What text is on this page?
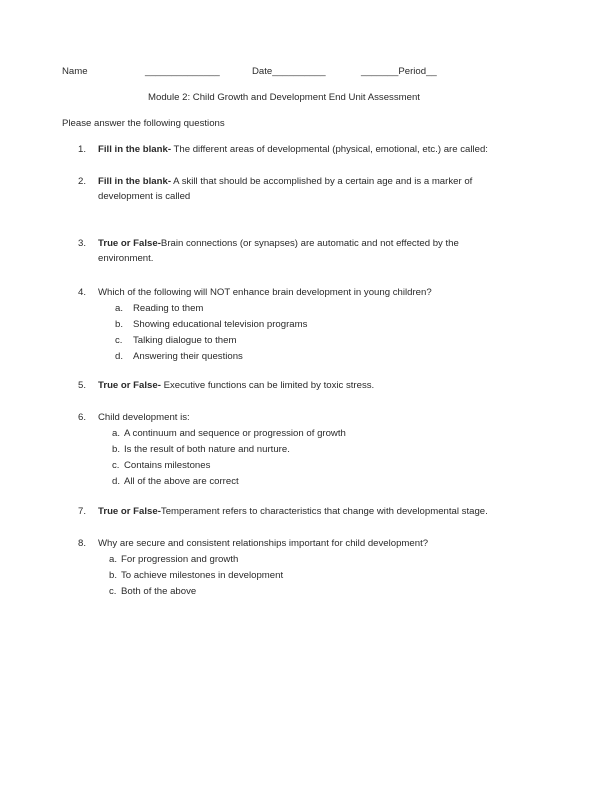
Name	______________	Date__________	_______Period__
Module 2: Child Growth and Development End Unit Assessment
Please answer the following questions
1. Fill in the blank- The different areas of developmental (physical, emotional, etc.) are called:
2. Fill in the blank- A skill that should be accomplished by a certain age and is a marker of
development is called
3. True or False-Brain connections (or synapses) are automatic and not effected by the
environment.
4. Which of the following will NOT enhance brain development in young children?
a. Reading to them
b. Showing educational television programs
c. Talking dialogue to them
d. Answering their questions
5. True or False- Executive functions can be limited by toxic stress.
6. Child development is:
a. A continuum and sequence or progression of growth
b. Is the result of both nature and nurture.
c. Contains milestones
d. All of the above are correct
7. True or False-Temperament refers to characteristics that change with developmental stage.
8. Why are secure and consistent relationships important for child development?
a. For progression and growth
b. To achieve milestones in development
c. Both of the above
